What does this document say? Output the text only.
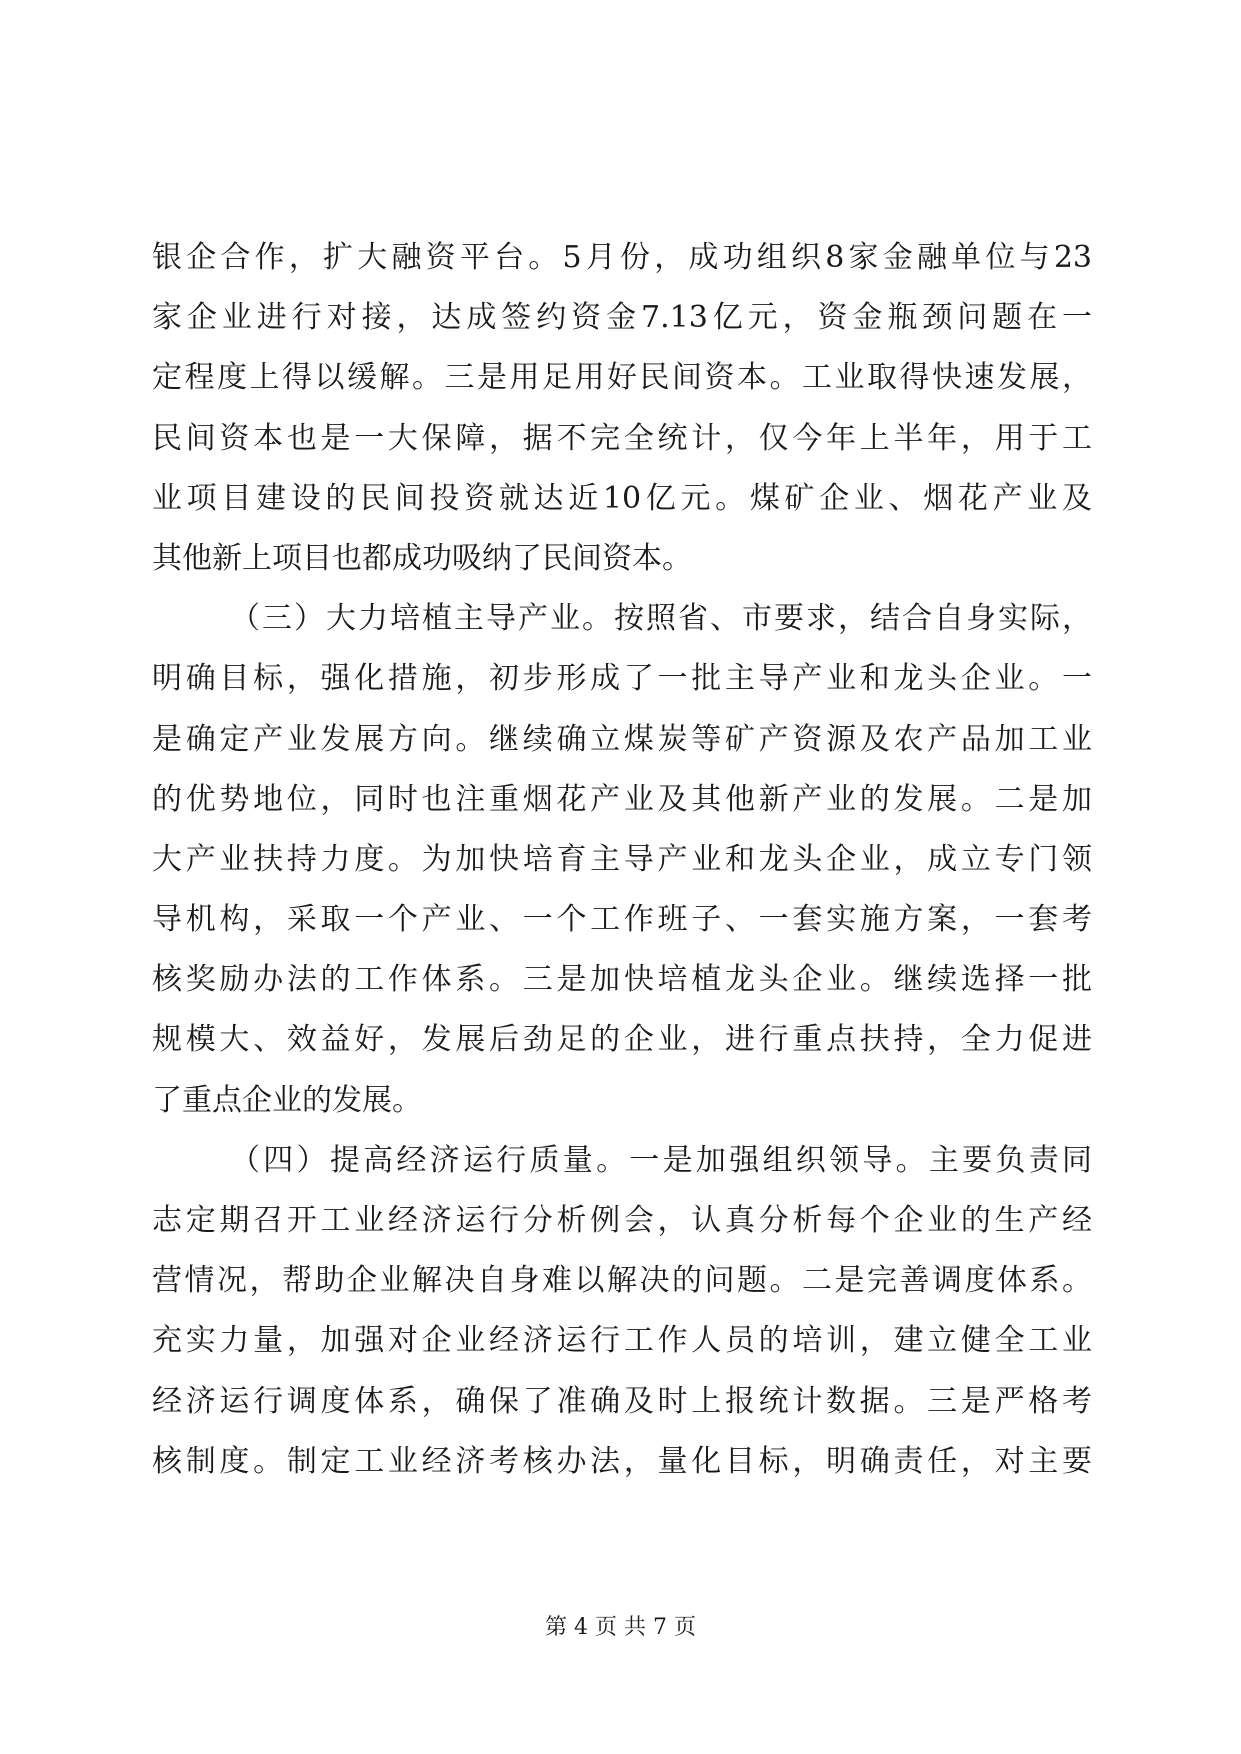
银企合作，扩大融资平台。5月份，成功组织8家金融单位与23
家企业进行对接，达成签约资金7.13亿元，资金瓶颈问题在一
定程度上得以缓解。三是用足用好民间资本。工业取得快速发展，
民间资本也是一大保障，据不完全统计，仅今年上半年，用于工
业项目建设的民间投资就达近10亿元。煤矿企业、烟花产业及
其他新上项目也都成功吸纳了民间资本。
（三）大力培植主导产业。按照省、市要求，结合自身实际，
明确目标，强化措施，初步形成了一批主导产业和龙头企业。一
是确定产业发展方向。继续确立煤炭等矿产资源及农产品加工业
的优势地位，同时也注重烟花产业及其他新产业的发展。二是加
大产业扶持力度。为加快培育主导产业和龙头企业，成立专门领
导机构，采取一个产业、一个工作班子、一套实施方案，一套考
核奖励办法的工作体系。三是加快培植龙头企业。继续选择一批
规模大、效益好，发展后劲足的企业，进行重点扶持，全力促进
了重点企业的发展。
（四）提高经济运行质量。一是加强组织领导。主要负责同
志定期召开工业经济运行分析例会，认真分析每个企业的生产经
营情况，帮助企业解决自身难以解决的问题。二是完善调度体系。
充实力量，加强对企业经济运行工作人员的培训，建立健全工业
经济运行调度体系，确保了准确及时上报统计数据。三是严格考
核制度。制定工业经济考核办法，量化目标，明确责任，对主要
第 4 页 共 7 页
